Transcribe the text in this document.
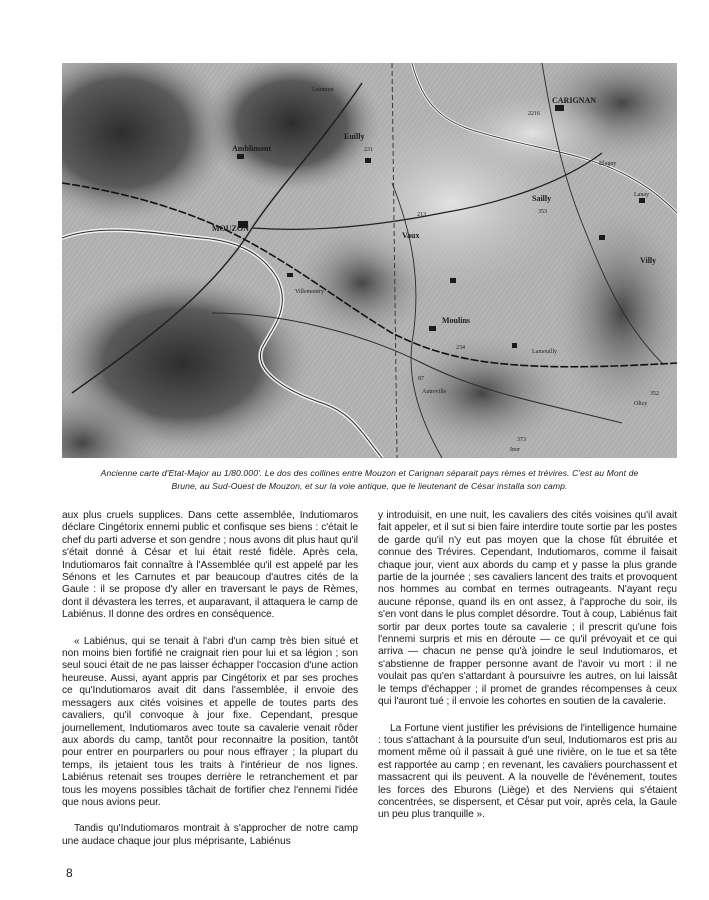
MOUZON
CARIGNAN
Amblimont
Euilly
Vaux
Sailly
Villy
Lamouilly
Moulins
Autreville
Olizy
Lanay
Blagny
Villemontry
Laumont
Inor
231
213	353
234
352
373
2216
87
Ancienne carte d'Etat-Major au 1/80.000'. Le dos des collines entre Mouzon et Carignan séparait pays rèmes et trévires. C'est au Mont de
Brune, au Sud-Ouest de Mouzon, et sur la voie antique, que le lieutenant de César installa son camp.

aux plus cruels supplices. Dans cette assemblée, Indutiomaros déclare Cingétorix ennemi public et confisque ses biens : c'était le chef du parti adverse et son gendre ; nous avons dit plus haut qu'il s'était donné à César et lui était resté fidèle. Après cela, Indutiomaros fait connaître à l'Assemblée qu'il est appelé par les Sénons et les Carnutes et par beaucoup d'autres cités de la Gaule : il se propose d'y aller en traversant le pays de Rèmes, dont il dévastera les terres, et auparavant, il attaquera le camp de Labiénus. Il donne des ordres en conséquence.

« Labiénus, qui se tenait à l'abri d'un camp très bien situé et non moins bien fortifié ne craignait rien pour lui et sa légion ; son seul souci était de ne pas laisser échapper l'occasion d'une action heureuse. Aussi, ayant appris par Cingétorix et par ses proches ce qu'Indutiomaros avait dit dans l'assemblée, il envoie des messagers aux cités voisines et appelle de toutes parts des cavaliers, qu'il convoque à jour fixe. Cependant, presque journellement, Indutiomaros avec toute sa cavalerie venait rôder aux abords du camp, tantôt pour reconnaitre la position, tantôt pour entrer en pourparlers ou pour nous effrayer ; la plupart du temps, ils jetaient tous les traits à l'intérieur de nos lignes. Labiénus retenait ses troupes derrière le retranchement et par tous les moyens possibles tâchait de fortifier chez l'ennemi l'idée que nous avions peur.

Tandis qu'Indutiomaros montrait à s'approcher de notre camp une audace chaque jour plus méprisante, Labiénus

y introduisit, en une nuit, les cavaliers des cités voisines qu'il avait fait appeler, et il sut si bien faire interdire toute sortie par les postes de garde qu'il n'y eut pas moyen que la chose fût ébruitée et connue des Trévires. Cependant, Indutiomaros, comme il faisait chaque jour, vient aux abords du camp et y passe la plus grande partie de la journée ; ses cavaliers lancent des traits et provoquent nos hommes au combat en termes outrageants. N'ayant reçu aucune réponse, quand ils en ont assez, à l'approche du soir, ils s'en vont dans le plus complet désordre. Tout à coup, Labiénus fait sortir par deux portes toute sa cavalerie ; il prescrit qu'une fois l'ennemi surpris et mis en déroute — ce qu'il prévoyait et ce qui arriva — chacun ne pense qu'à joindre le seul Indutiomaros, et s'abstienne de frapper personne avant de l'avoir vu mort : il ne voulait pas qu'en s'attardant à poursuivre les autres, on lui laissât le temps d'échapper ; il promet de grandes récompenses à ceux qui l'auront tué ; il envoie les cohortes en soutien de la cavalerie.

La Fortune vient justifier les prévisions de l'intelligence humaine : tous s'attachant à la poursuite d'un seul, Indutiomaros est pris au moment même où il passait à gué une rivière, on le tue et sa tête est rapportée au camp ; en revenant, les cavaliers pourchassent et massacrent qui ils peuvent. A la nouvelle de l'événement, toutes les forces des Eburons (Liège) et des Nerviens qui s'étaient concentrées, se dispersent, et César put voir, après cela, la Gaule un peu plus tranquille ».

8
